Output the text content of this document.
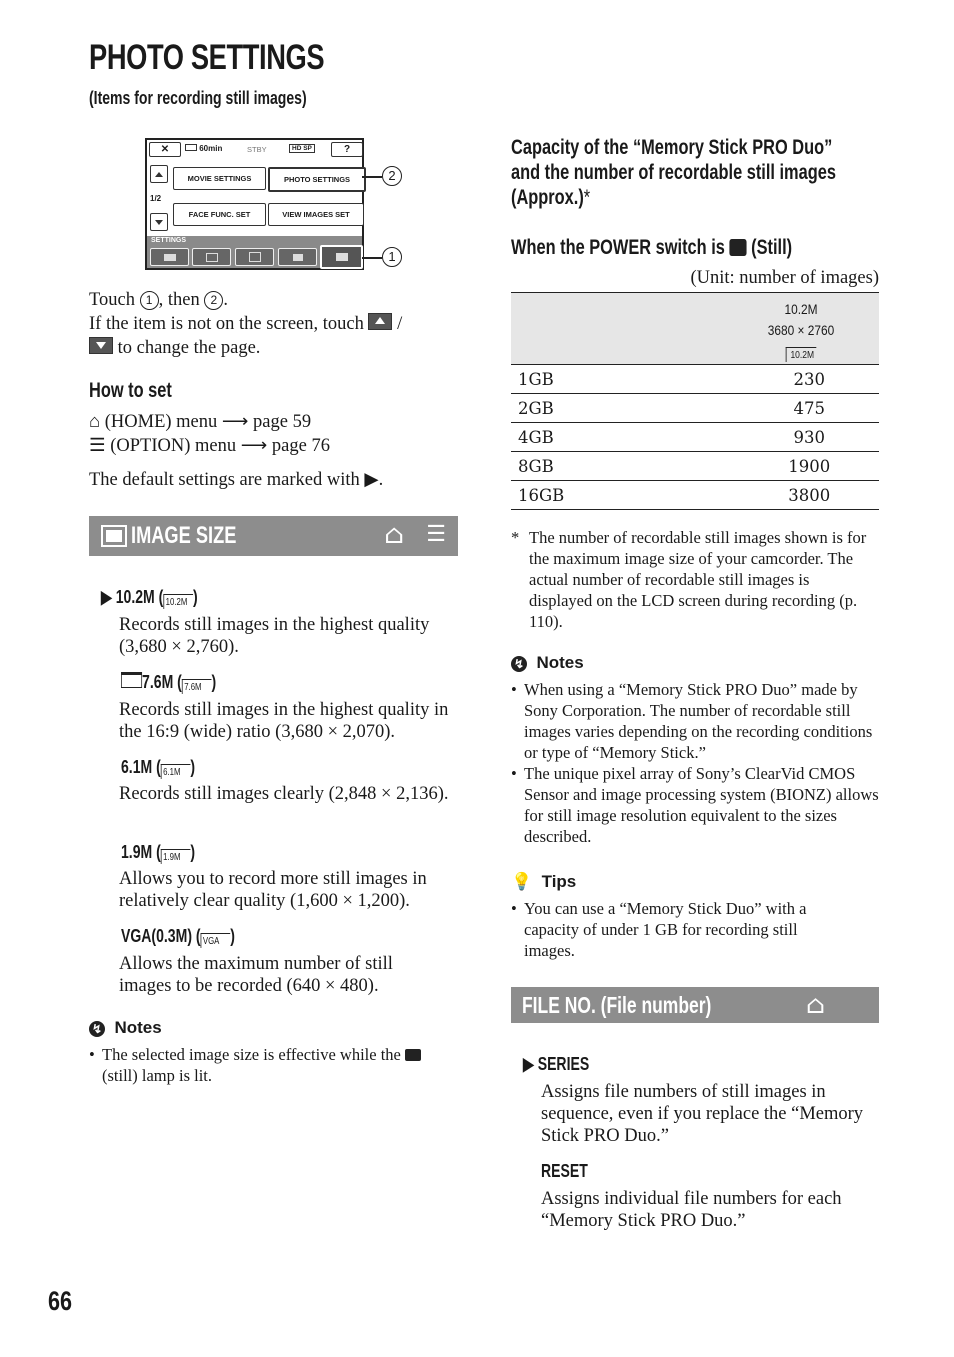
PHOTO SETTINGS
(Items for recording still images)
✕	60min	STBY	HD SP	?
1/2
MOVIE SETTINGS	PHOTO SETTINGS
FACE FUNC. SET	VIEW IMAGES SET
SETTINGS
2
1
Touch 1 , then 2 .
If the item is not on the screen, touch /
to change the page.
How to set
⌂ (HOME) menu ⟶ page 59
☰ (OPTION) menu ⟶ page 76
The default settings are marked with ▶.
IMAGE SIZE	⌂ ☰
▶ 10.2M ( 10.2M )
Records still images in the highest quality (3,680 × 2,760).
7.6M ( 7.6M )
Records still images in the highest quality in the 16:9 (wide) ratio (3,680 × 2,070).
6.1M ( 6.1M )
Records still images clearly (2,848 × 2,136).
1.9M ( 1.9M )
Allows you to record more still images in relatively clear quality (1,600 × 1,200).
VGA(0.3M) ( VGA )
Allows the maximum number of still images to be recorded (640 × 480).
↯ Notes
• The selected image size is effective while the  (still) lamp is lit.
Capacity of the “Memory Stick PRO Duo”
and the number of recordable still images
(Approx.)*
When the POWER switch is (Still)
(Unit: number of images)
10.2M
3680 × 2760
10.2M
1GB	230
2GB	475
4GB	930
8GB	1900
16GB	3800
* The number of recordable still images shown is for the maximum image size of your camcorder. The actual number of recordable still images is displayed on the LCD screen during recording (p. 110).
↯ Notes
• When using a “Memory Stick PRO Duo” made by Sony Corporation. The number of recordable still images varies depending on the recording conditions or type of “Memory Stick.”
• The unique pixel array of Sony’s ClearVid CMOS Sensor and image processing system (BIONZ) allows for still image resolution equivalent to the sizes described.
💡 Tips
• You can use a “Memory Stick Duo” with a capacity of under 1 GB for recording still images.
FILE NO. (File number)	⌂
▶ SERIES
Assigns file numbers of still images in sequence, even if you replace the “Memory Stick PRO Duo.”
RESET
Assigns individual file numbers for each “Memory Stick PRO Duo.”
66
